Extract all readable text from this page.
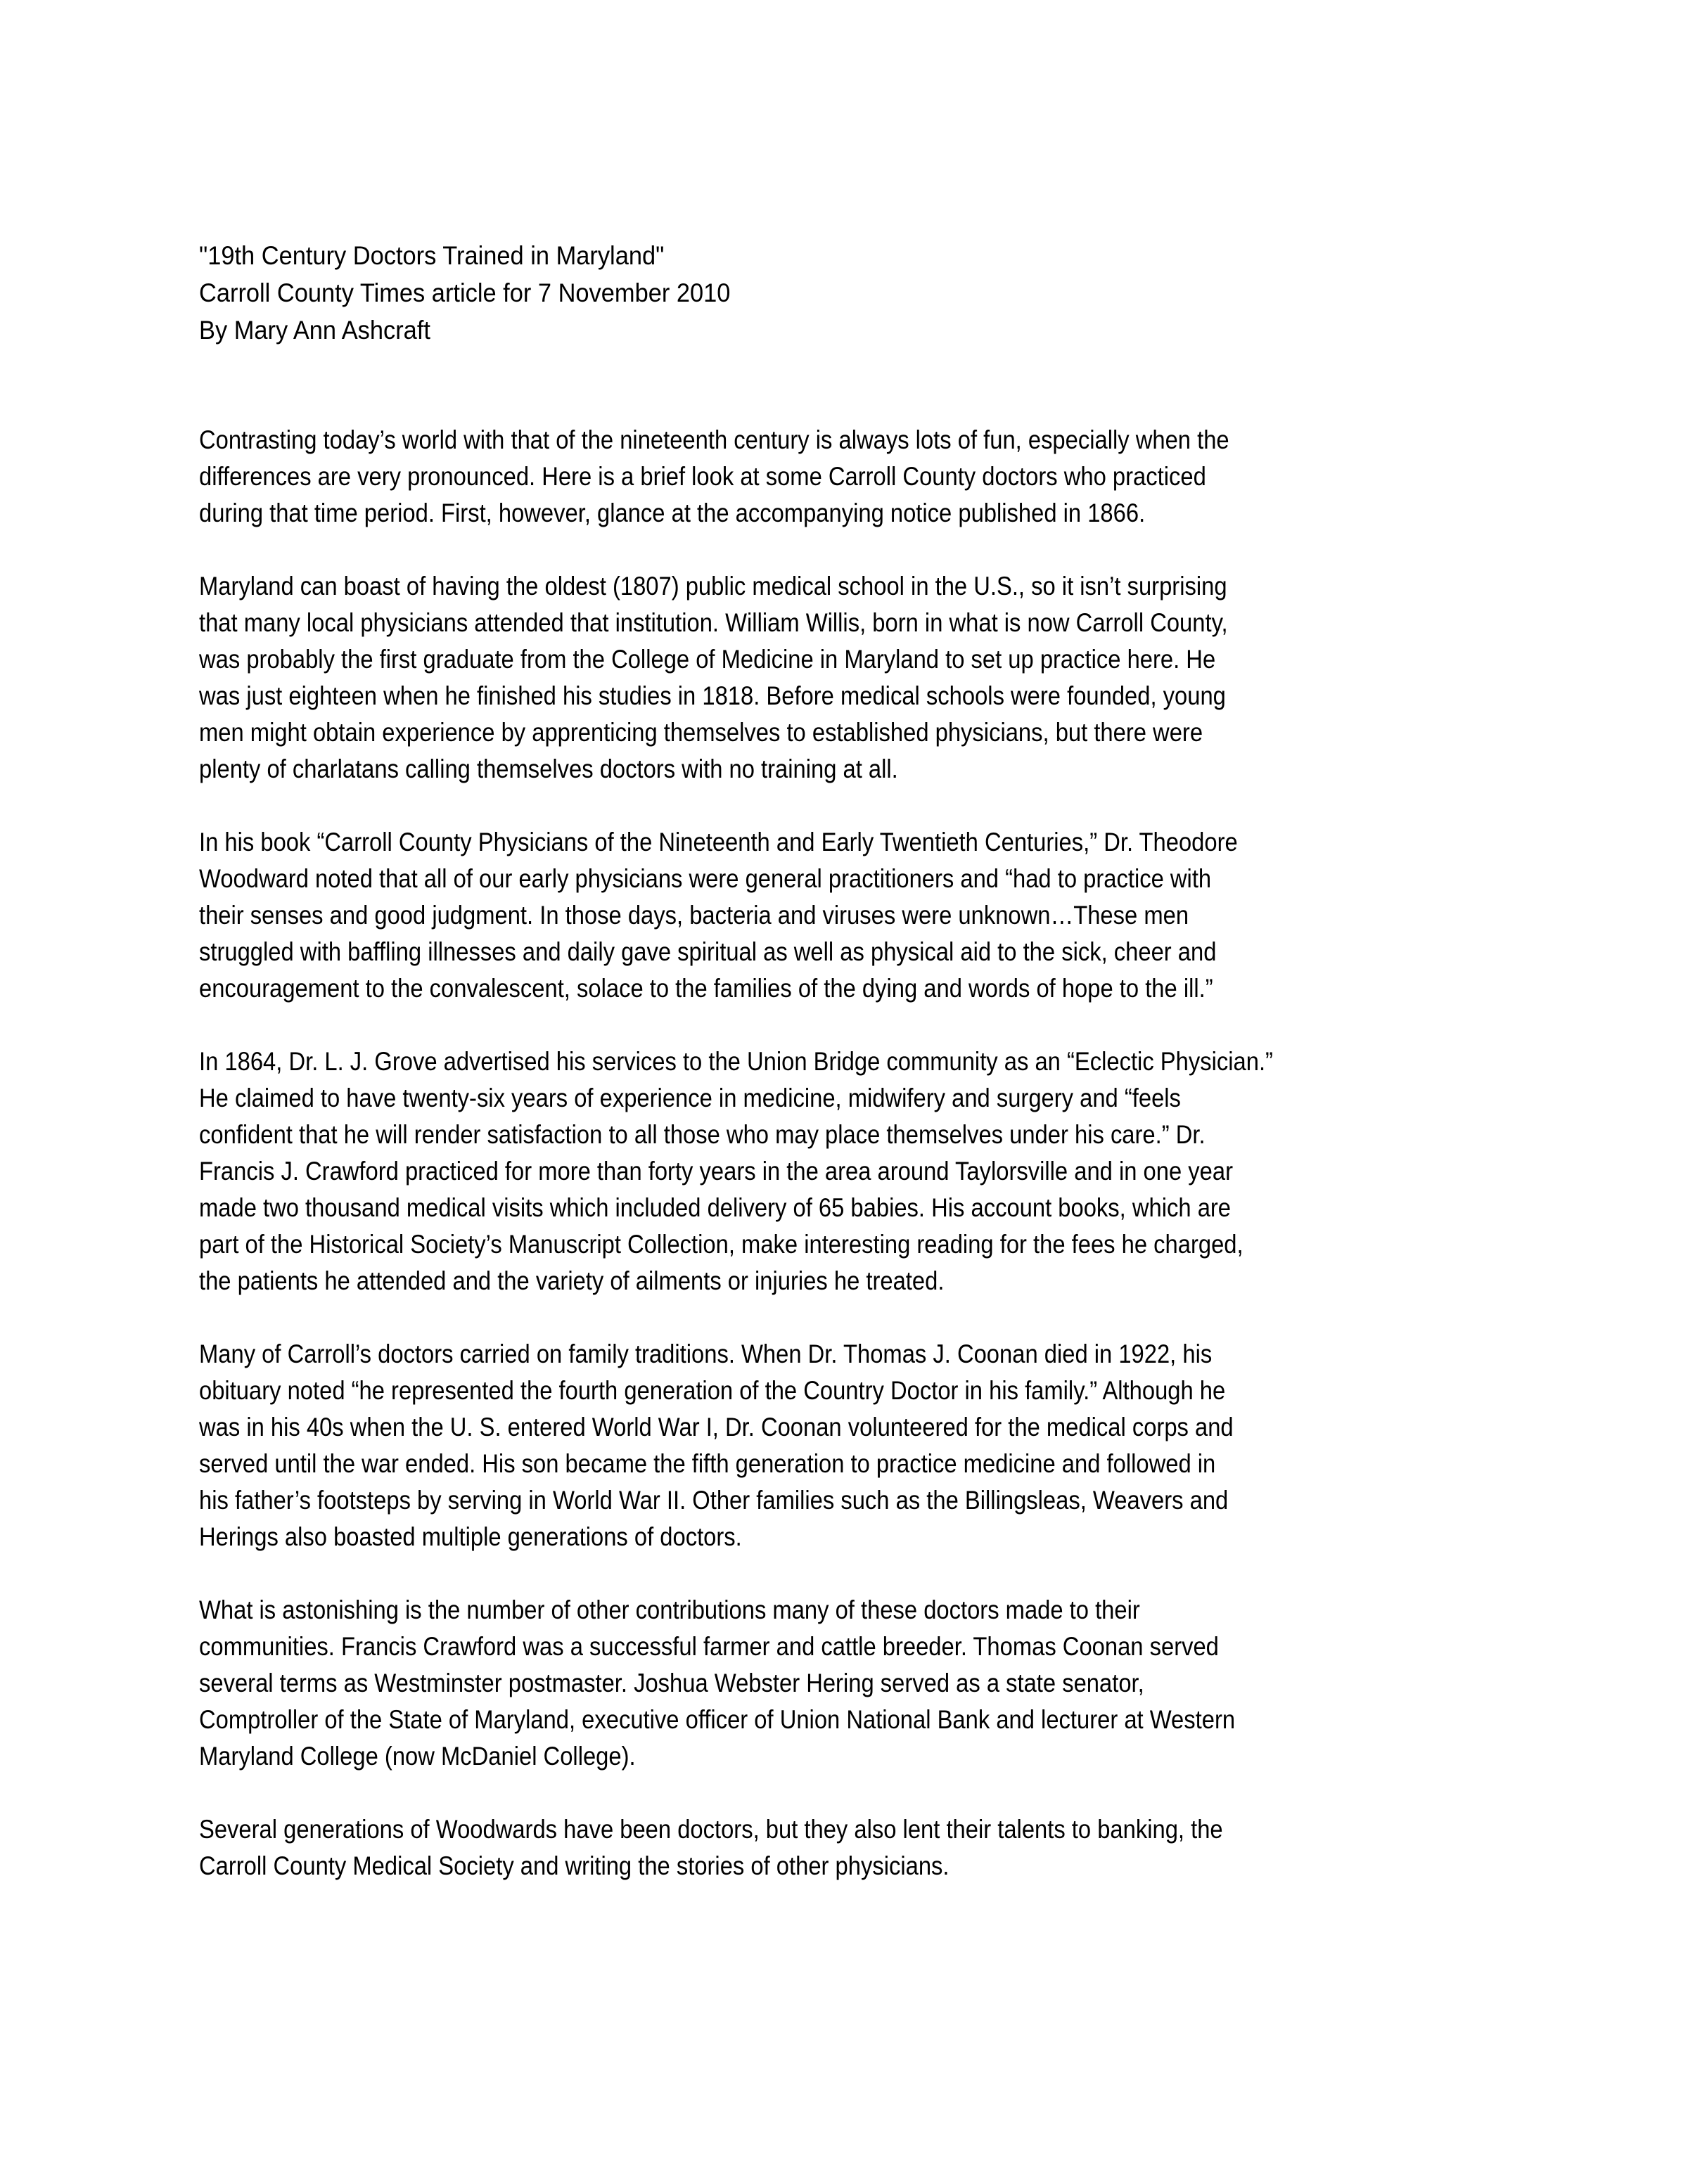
"19th Century Doctors Trained in Maryland"
Carroll County Times article for 7 November 2010
By Mary Ann Ashcraft
Contrasting today’s world with that of the nineteenth century is always lots of fun, especially when the
differences are very pronounced. Here is a brief look at some Carroll County doctors who practiced
during that time period. First, however, glance at the accompanying notice published in 1866.
Maryland can boast of having the oldest (1807) public medical school in the U.S., so it isn’t surprising
that many local physicians attended that institution. William Willis, born in what is now Carroll County,
was probably the first graduate from the College of Medicine in Maryland to set up practice here. He
was just eighteen when he finished his studies in 1818. Before medical schools were founded, young
men might obtain experience by apprenticing themselves to established physicians, but there were
plenty of charlatans calling themselves doctors with no training at all.
In his book “Carroll County Physicians of the Nineteenth and Early Twentieth Centuries,” Dr. Theodore
Woodward noted that all of our early physicians were general practitioners and “had to practice with
their senses and good judgment. In those days, bacteria and viruses were unknown…These men
struggled with baffling illnesses and daily gave spiritual as well as physical aid to the sick, cheer and
encouragement to the convalescent, solace to the families of the dying and words of hope to the ill.”
In 1864, Dr. L. J. Grove advertised his services to the Union Bridge community as an “Eclectic Physician.”
He claimed to have twenty-six years of experience in medicine, midwifery and surgery and “feels
confident that he will render satisfaction to all those who may place themselves under his care.” Dr.
Francis J. Crawford practiced for more than forty years in the area around Taylorsville and in one year
made two thousand medical visits which included delivery of 65 babies. His account books, which are
part of the Historical Society’s Manuscript Collection, make interesting reading for the fees he charged,
the patients he attended and the variety of ailments or injuries he treated.
Many of Carroll’s doctors carried on family traditions. When Dr. Thomas J. Coonan died in 1922, his
obituary noted “he represented the fourth generation of the Country Doctor in his family.” Although he
was in his 40s when the U. S. entered World War I, Dr. Coonan volunteered for the medical corps and
served until the war ended. His son became the fifth generation to practice medicine and followed in
his father’s footsteps by serving in World War II. Other families such as the Billingsleas, Weavers and
Herings also boasted multiple generations of doctors.
What is astonishing is the number of other contributions many of these doctors made to their
communities. Francis Crawford was a successful farmer and cattle breeder. Thomas Coonan served
several terms as Westminster postmaster. Joshua Webster Hering served as a state senator,
Comptroller of the State of Maryland, executive officer of Union National Bank and lecturer at Western
Maryland College (now McDaniel College).
Several generations of Woodwards have been doctors, but they also lent their talents to banking, the
Carroll County Medical Society and writing the stories of other physicians.
